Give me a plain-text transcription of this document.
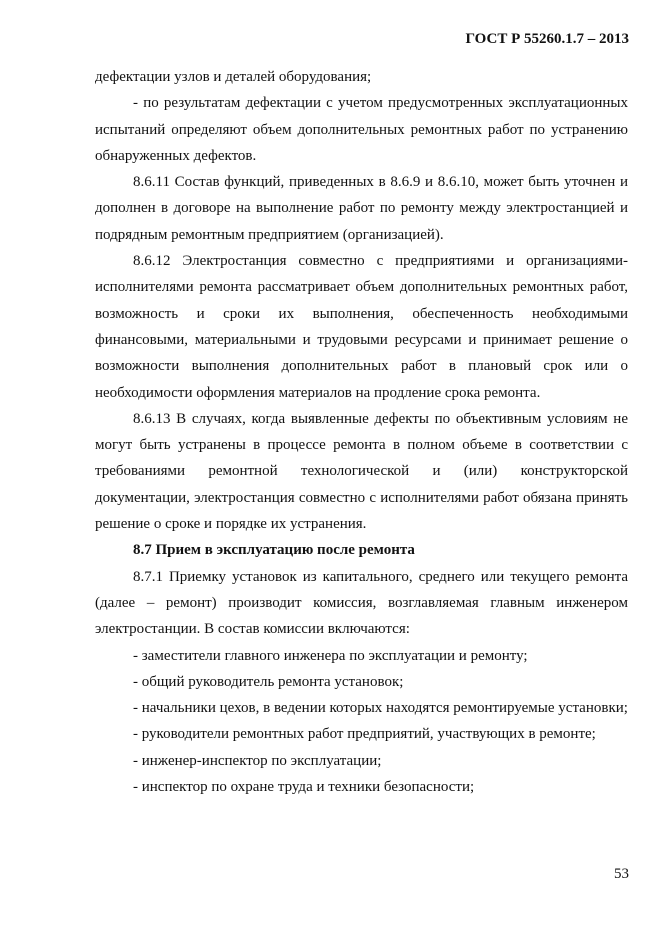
ГОСТ Р 55260.1.7 – 2013

дефектации узлов и деталей оборудования;

- по результатам дефектации с учетом предусмотренных эксплуатационных испытаний определяют объем дополнительных ремонтных работ по устранению обнаруженных дефектов.

8.6.11 Состав функций, приведенных в 8.6.9 и 8.6.10, может быть уточнен и дополнен в договоре на выполнение работ по ремонту между электростанцией и подрядным ремонтным предприятием (организацией).

8.6.12 Электростанция совместно с предприятиями и организациями-исполнителями ремонта рассматривает объем дополнительных ремонтных работ, возможность и сроки их выполнения, обеспеченность необходимыми финансовыми, материальными и трудовыми ресурсами и принимает решение о возможности выполнения дополнительных работ в плановый срок или о необходимости оформления материалов на продление срока ремонта.

8.6.13 В случаях, когда выявленные дефекты по объективным условиям не могут быть устранены в процессе ремонта в полном объеме в соответствии с требованиями ремонтной технологической и (или) конструкторской документации, электростанция совместно с исполнителями работ обязана принять решение о сроке и порядке их устранения.

8.7 Прием в эксплуатацию после ремонта

8.7.1 Приемку установок из капитального, среднего или текущего ремонта (далее – ремонт) производит комиссия, возглавляемая главным инженером электростанции. В состав комиссии включаются:

- заместители главного инженера по эксплуатации и ремонту;

- общий руководитель ремонта установок;

- начальники цехов, в ведении которых находятся ремонтируемые установки;

- руководители ремонтных работ предприятий, участвующих в ремонте;

- инженер-инспектор по эксплуатации;

- инспектор по охране труда и техники безопасности;

53
